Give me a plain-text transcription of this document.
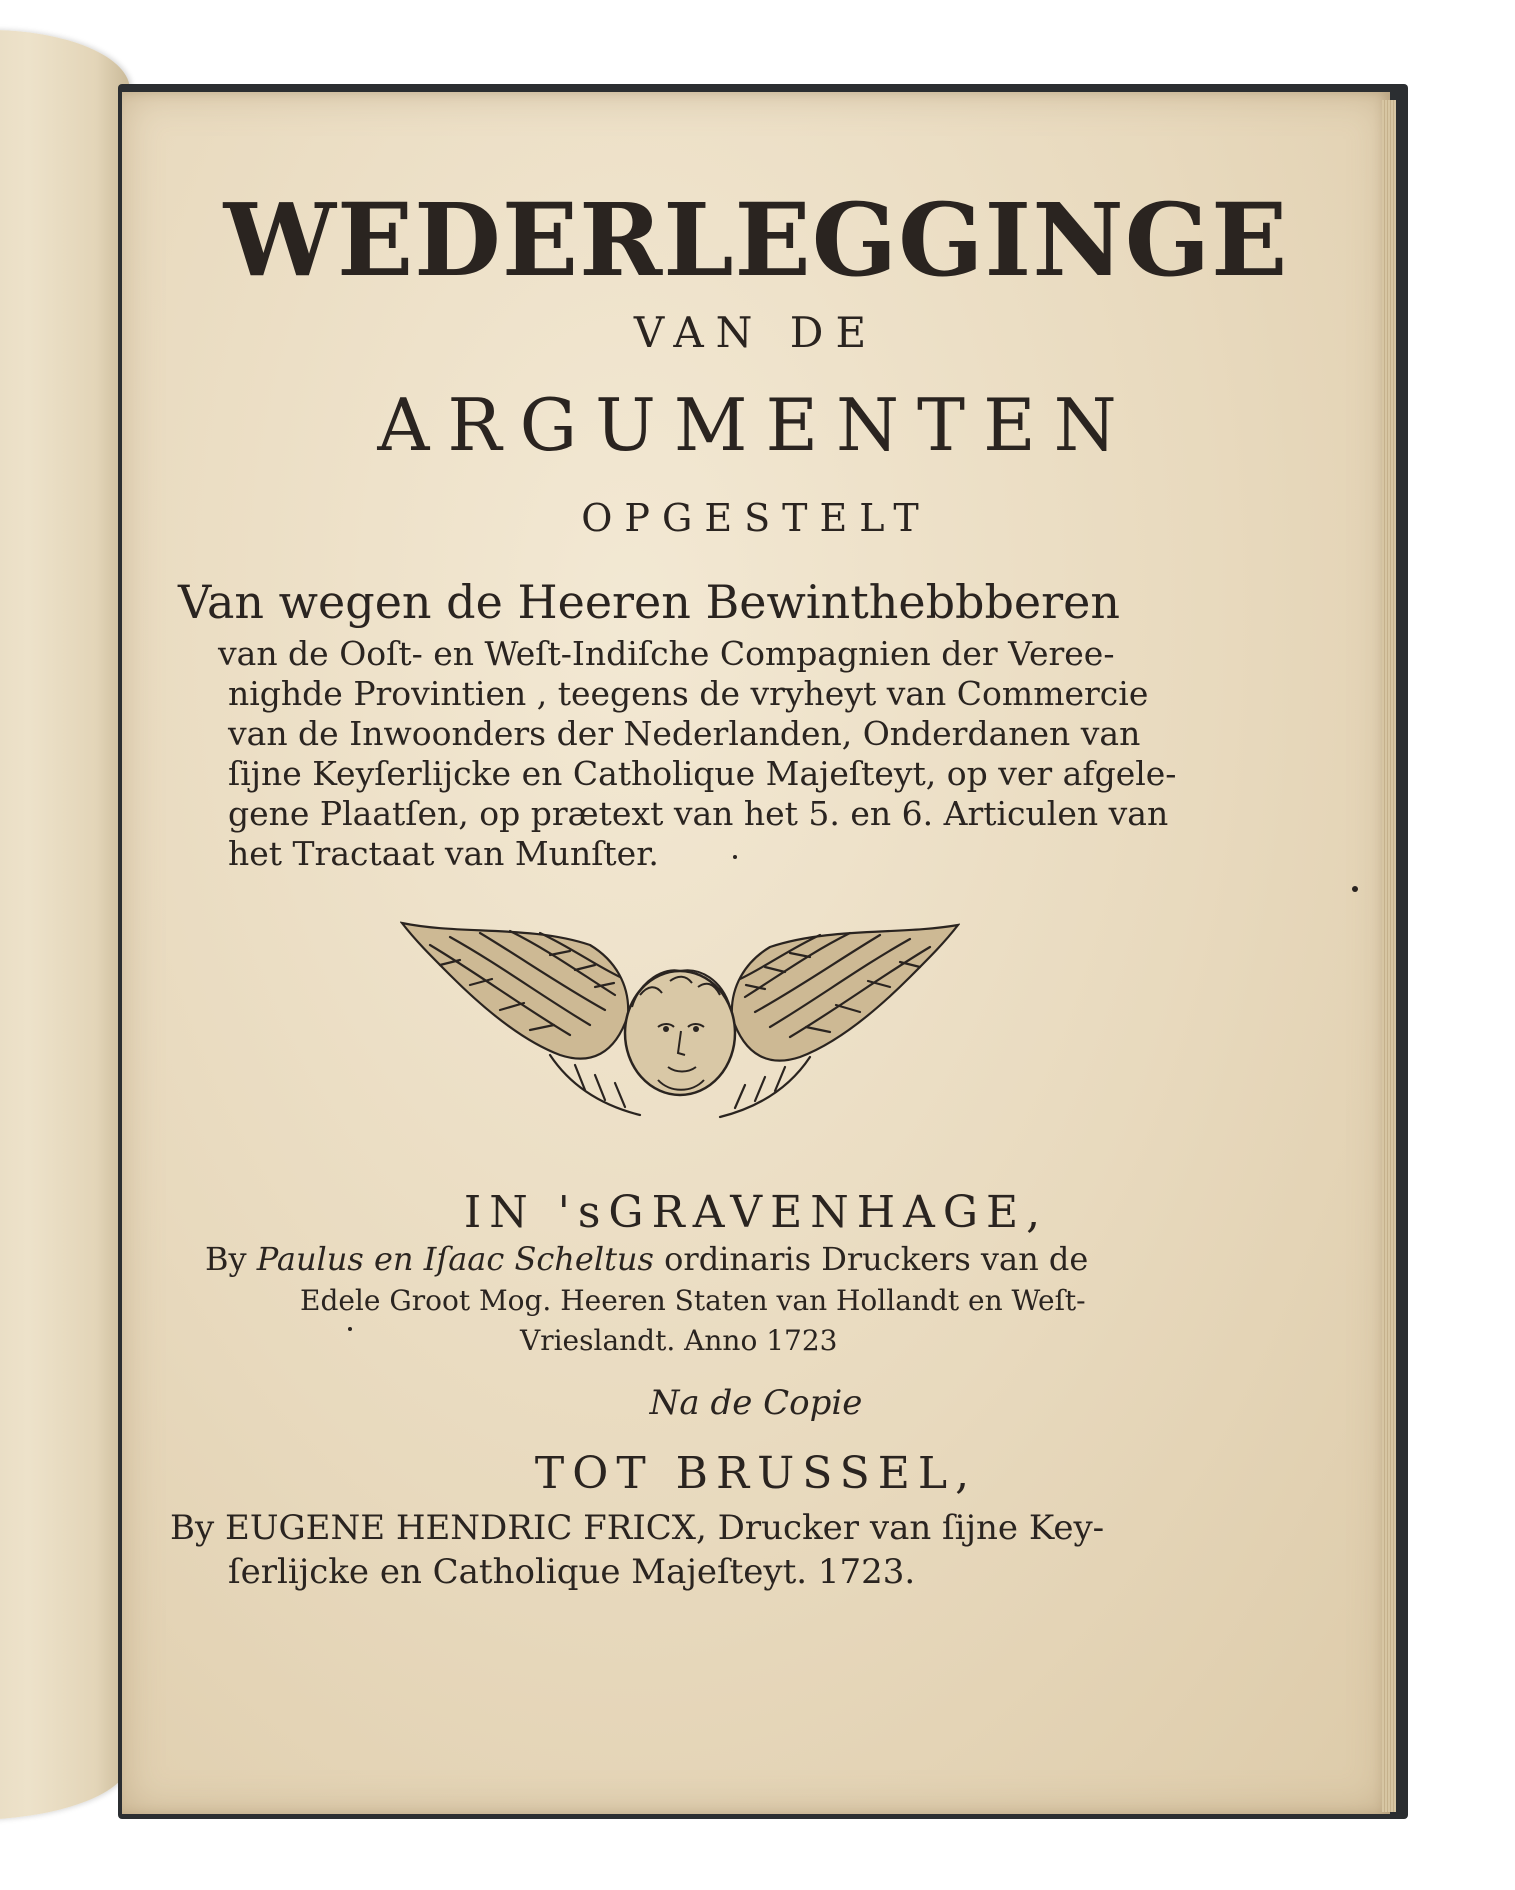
WEDERLEGGINGE
VAN DE
ARGUMENTEN
OPGESTELT
Van wegen de Heeren Bewinthebbberen
van de Ooſt- en Weſt-Indiſche Compagnien der Veree-
nighde Provintien , teegens de vryheyt van Commercie
van de Inwoonders der Nederlanden, Onderdanen van
ſijne Keyſerlijcke en Catholique Majeſteyt, op ver afgele-
gene Plaatſen, op prætext van het 5. en 6. Articulen van
het Tractaat van Munſter.
IN 'sGRAVENHAGE,
By Paulus en Iſaac Scheltus ordinaris Druckers van de
Edele Groot Mog. Heeren Staten van Hollandt en Weſt-
Vrieslandt. Anno 1723
Na de Copie
TOT BRUSSEL,
By EUGENE HENDRIC FRICX, Drucker van ſijne Key-
ſerlijcke en Catholique Majeſteyt. 1723.
